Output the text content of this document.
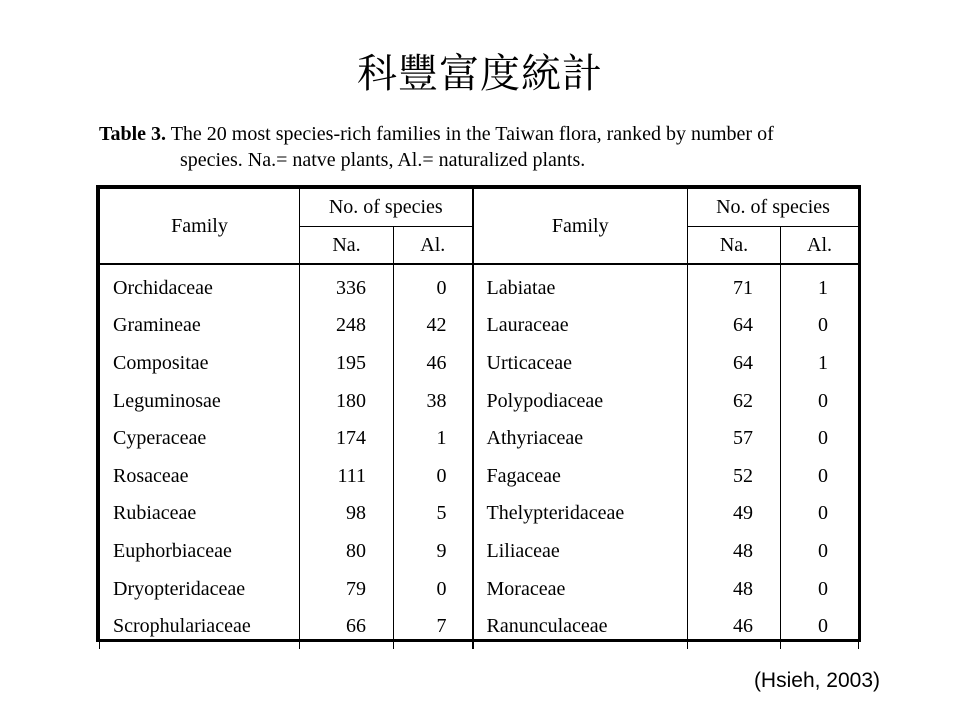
科豐富度統計
Table 3. The 20 most species-rich families in the Taiwan flora, ranked by number of
species. Na.= natve plants, Al.= naturalized plants.
Family	No. of species		Family	No. of species	
	Na.	Al.		Na.	Al.
Orchidaceae	336	0	Labiatae	71	1
Gramineae	248	42	Lauraceae	64	0
Compositae	195	46	Urticaceae	64	1
Leguminosae	180	38	Polypodiaceae	62	0
Cyperaceae	174	1	Athyriaceae	57	0
Rosaceae	111	0	Fagaceae	52	0
Rubiaceae	98	5	Thelypteridaceae	49	0
Euphorbiaceae	80	9	Liliaceae	48	0
Dryopteridaceae	79	0	Moraceae	48	0
Scrophulariaceae	66	7	Ranunculaceae	46	0
(Hsieh, 2003)
